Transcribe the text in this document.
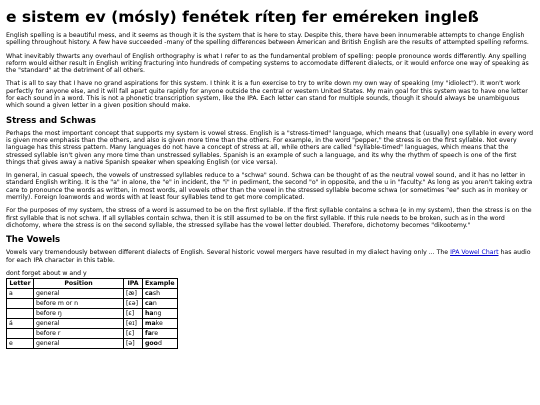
e sistem ev (mósly) fenétek ríteŋ fer eméreken ingleß

English spelling is a beautiful mess, and it seems as though it is the system that is here to stay. Despite this, there have been innumerable attempts to change English spelling throughout history. A few have succeeded -many of the spelling differences between American and British English are the results of attempted spelling reforms.

What inevitably thwarts any overhaul of English orthography is what I refer to as the fundamental problem of spelling: people pronounce words differently. Any spelling reform would either result in English writing fracturing into hundreds of competing systems to accomodate different dialects, or it would enforce one way of speaking as the "standard" at the detriment of all others.

That is all to say that I have no grand aspirations for this system. I think it is a fun exercise to try to write down my own way of speaking (my "idiolect"). It won't work perfectly for anyone else, and it will fall apart quite rapidly for anyone outside the central or western United States. My main goal for this system was to have one letter for each sound in a word. This is not a phonetic transcription system, like the IPA. Each letter can stand for multiple sounds, though it should always be unambiguous which sound a given letter in a given position should make.

Stress and Schwas

Perhaps the most important concept that supports my system is vowel stress. English is a "stress-timed" language, which means that (usually) one syllable in every word is given more emphasis than the others, and also is given more time than the others. For example, in the word "pepper," the stress is on the first syllable. Not every language has this stress pattern. Many languages do not have a concept of stress at all, while others are called "syllable-timed" languages, which means that the stressed syllable isn't given any more time than unstressed syllables. Spanish is an example of such a language, and its why the rhythm of speech is one of the first things that gives away a native Spanish speaker when speaking English (or vice versa).

In general, in casual speech, the vowels of unstressed syllables reduce to a "schwa" sound. Schwa can be thought of as the neutral vowel sound, and it has no letter in standard English writing. It is the "a" in alone, the "e" in incident, the "i" in pediment, the second "o" in opposite, and the u in "faculty." As long as you aren't taking extra care to pronounce the words as written, in most words, all vowels other than the vowel in the stressed syllable become schwa (or sometimes "ee" such as in monkey or merrily). Foreign loanwords and words with at least four syllables tend to get more complicated.

For the purposes of my system, the stress of a word is assumed to be on the first syllable. If the first syllable contains a schwa (e in my system), then the stress is on the first syllable that is not schwa. If all syllables contain schwa, then it is still assumed to be on the first syllable. If this rule needs to be broken, such as in the word dichotomy, where the stress is on the second syllable, the stressed syllabe has the vowel letter doubled. Therefore, dichotomy becomes "dikootemy."

The Vowels

Vowels vary tremendously between different dialects of English. Several historic vowel mergers have resulted in my dialect having only ... The IPA Vowel Chart has audio for each IPA character in this table.

dont forget about w and y
Letter	Position	IPA	Example
a	general	[æ]	cash
	before m or n	[ɛə]	can
	before ŋ	[ɛ]	hang
á	general	[eɪ]	make
	before r	[ɛ]	fare
e	general	[ə]	good
